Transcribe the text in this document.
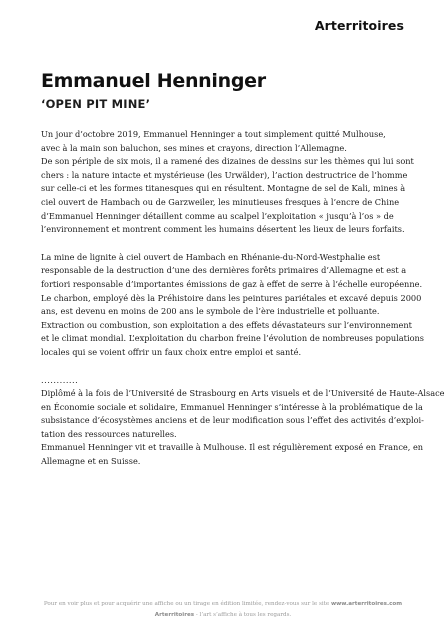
Arterritoires
Emmanuel Henninger
‘OPEN PIT MINE’
Un jour d’octobre 2019, Emmanuel Henninger a tout simplement quitté Mulhouse,
avec à la main son baluchon, ses mines et crayons, direction l’Allemagne.
De son périple de six mois, il a ramené des dizaines de dessins sur les thèmes qui lui sont
chers : la nature intacte et mystérieuse (les Urwälder), l’action destructrice de l’homme
sur celle-ci et les formes titanesques qui en résultent. Montagne de sel de Kali, mines à
ciel ouvert de Hambach ou de Garzweiler, les minutieuses fresques à l’encre de Chine
d’Emmanuel Henninger détaillent comme au scalpel l’exploitation « jusqu’à l’os » de
l’environnement et montrent comment les humains désertent les lieux de leurs forfaits.
La mine de lignite à ciel ouvert de Hambach en Rhénanie-du-Nord-Westphalie est
responsable de la destruction d’une des dernières forêts primaires d’Allemagne et est a
fortiori responsable d’importantes émissions de gaz à effet de serre à l’échelle européenne.
Le charbon, employé dès la Préhistoire dans les peintures pariétales et excavé depuis 2000
ans, est devenu en moins de 200 ans le symbole de l’ère industrielle et polluante.
Extraction ou combustion, son exploitation a des effets dévastateurs sur l’environnement
et le climat mondial. L’exploitation du charbon freine l’évolution de nombreuses populations
locales qui se voient offrir un faux choix entre emploi et santé.
............
Diplômé à la fois de l’Université de Strasbourg en Arts visuels et de l’Université de Haute-Alsace
en Économie sociale et solidaire, Emmanuel Henninger s’intéresse à la problématique de la
subsistance d’écosystèmes anciens et de leur modification sous l’effet des activités d’exploi-
tation des ressources naturelles.
Emmanuel Henninger vit et travaille à Mulhouse. Il est régulièrement exposé en France, en
Allemagne et en Suisse.
Pour en voir plus et pour acquérir une affiche ou un tirage en édition limitée, rendez-vous sur le site www.arterritoires.com
Arterritoires - l’art s’affiche à tous les regards.
